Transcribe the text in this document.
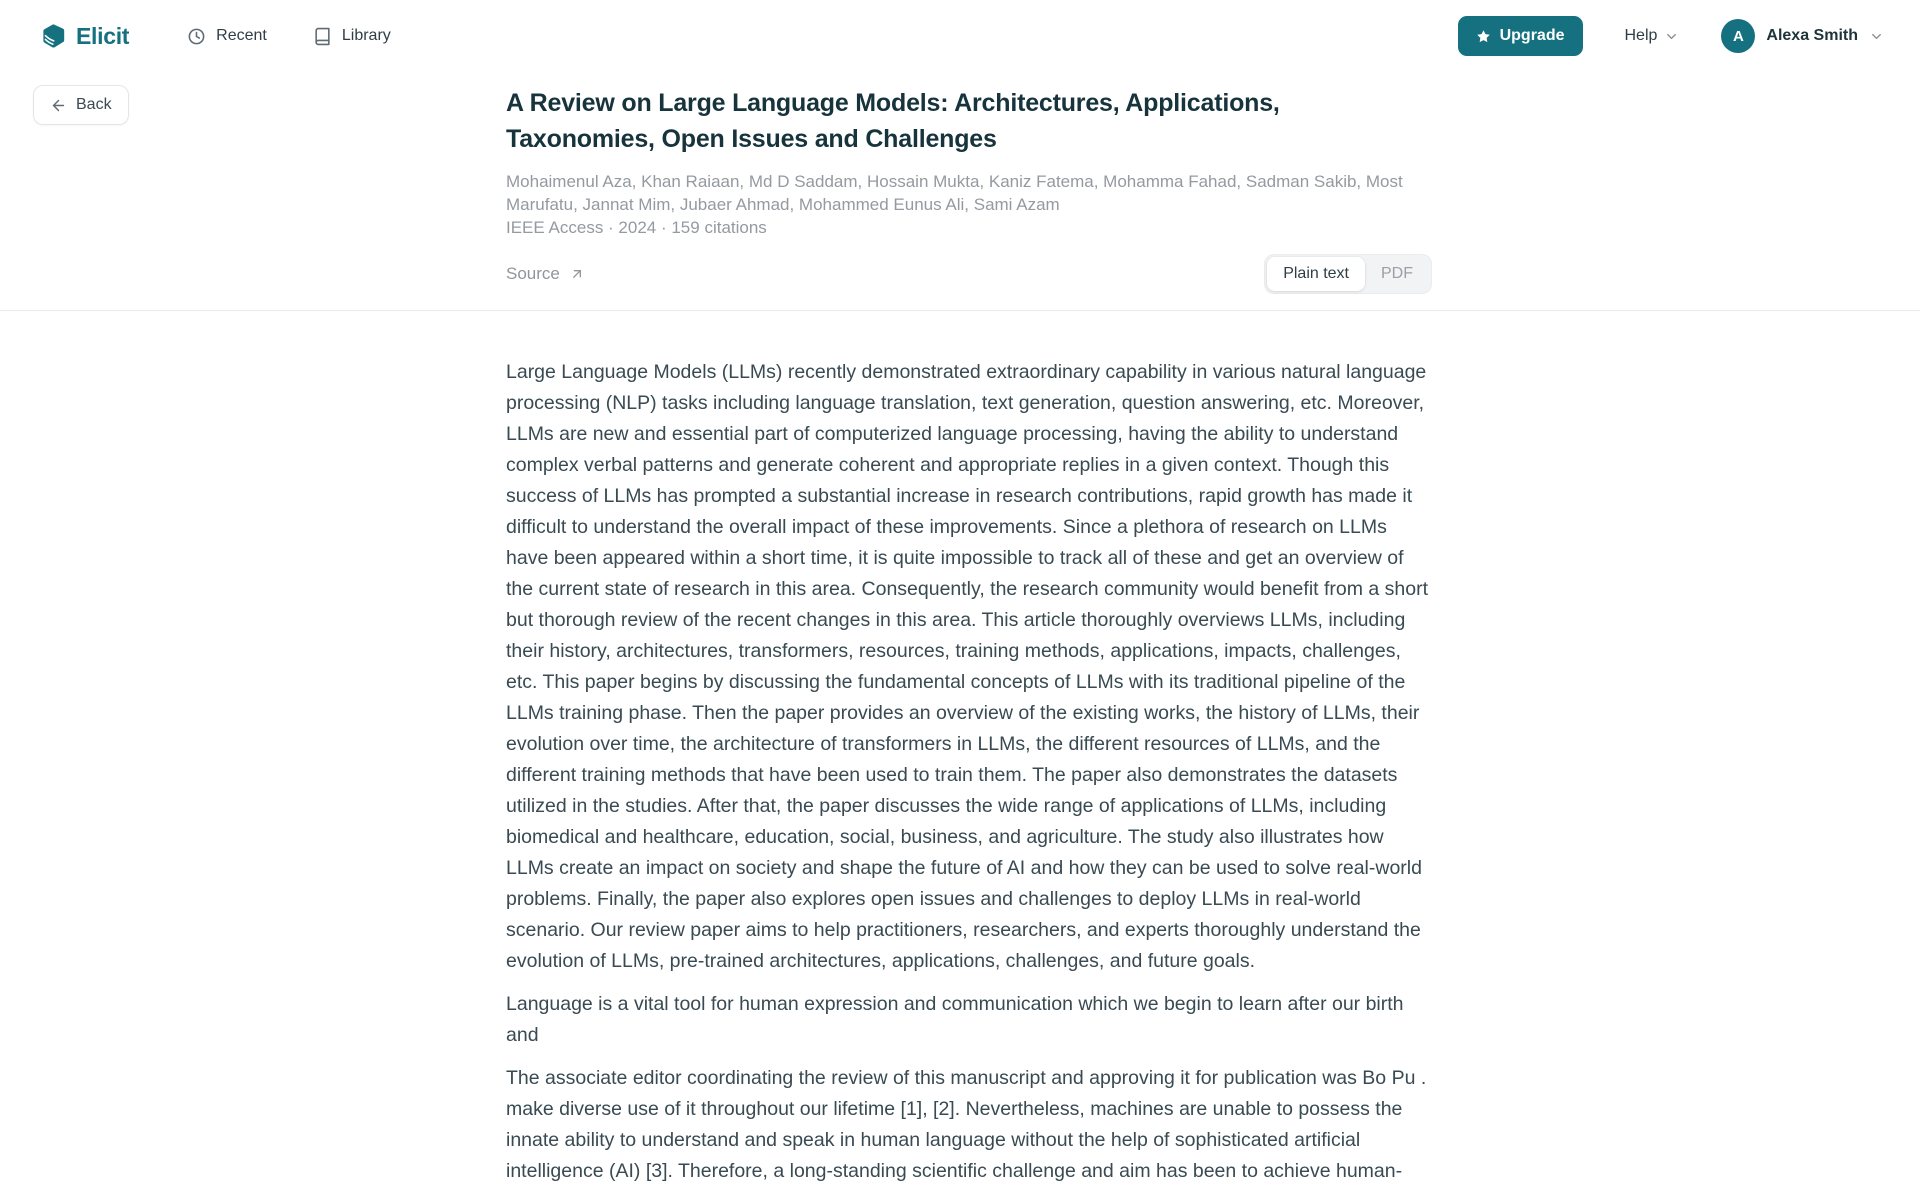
Elicit	Recent	Library	Upgrade	Help	A	Alexa Smith
Back	A Review on Large Language Models: Architectures, Applications, Taxonomies, Open Issues and Challenges
Mohaimenul Aza, Khan Raiaan, Md D Saddam, Hossain Mukta, Kaniz Fatema, Mohamma Fahad, Sadman Sakib, Most Marufatu, Jannat Mim, Jubaer Ahmad, Mohammed Eunus Ali, Sami Azam
IEEE Access · 2024 · 159 citations
Source	Plain text	PDF

Large Language Models (LLMs) recently demonstrated extraordinary capability in various natural language processing (NLP) tasks including language translation, text generation, question answering, etc. Moreover, LLMs are new and essential part of computerized language processing, having the ability to understand complex verbal patterns and generate coherent and appropriate replies in a given context. Though this success of LLMs has prompted a substantial increase in research contributions, rapid growth has made it difficult to understand the overall impact of these improvements. Since a plethora of research on LLMs have been appeared within a short time, it is quite impossible to track all of these and get an overview of the current state of research in this area. Consequently, the research community would benefit from a short but thorough review of the recent changes in this area. This article thoroughly overviews LLMs, including their history, architectures, transformers, resources, training methods, applications, impacts, challenges, etc. This paper begins by discussing the fundamental concepts of LLMs with its traditional pipeline of the LLMs training phase. Then the paper provides an overview of the existing works, the history of LLMs, their evolution over time, the architecture of transformers in LLMs, the different resources of LLMs, and the different training methods that have been used to train them. The paper also demonstrates the datasets utilized in the studies. After that, the paper discusses the wide range of applications of LLMs, including biomedical and healthcare, education, social, business, and agriculture. The study also illustrates how LLMs create an impact on society and shape the future of AI and how they can be used to solve real-world problems. Finally, the paper also explores open issues and challenges to deploy LLMs in real-world scenario. Our review paper aims to help practitioners, researchers, and experts thoroughly understand the evolution of LLMs, pre-trained architectures, applications, challenges, and future goals.

Language is a vital tool for human expression and communication which we begin to learn after our birth and

The associate editor coordinating the review of this manuscript and approving it for publication was Bo Pu . make diverse use of it throughout our lifetime [1], [2]. Nevertheless, machines are unable to possess the innate ability to understand and speak in human language without the help of sophisticated artificial intelligence (AI) [3]. Therefore, a long-standing scientific challenge and aim has been to achieve human-
